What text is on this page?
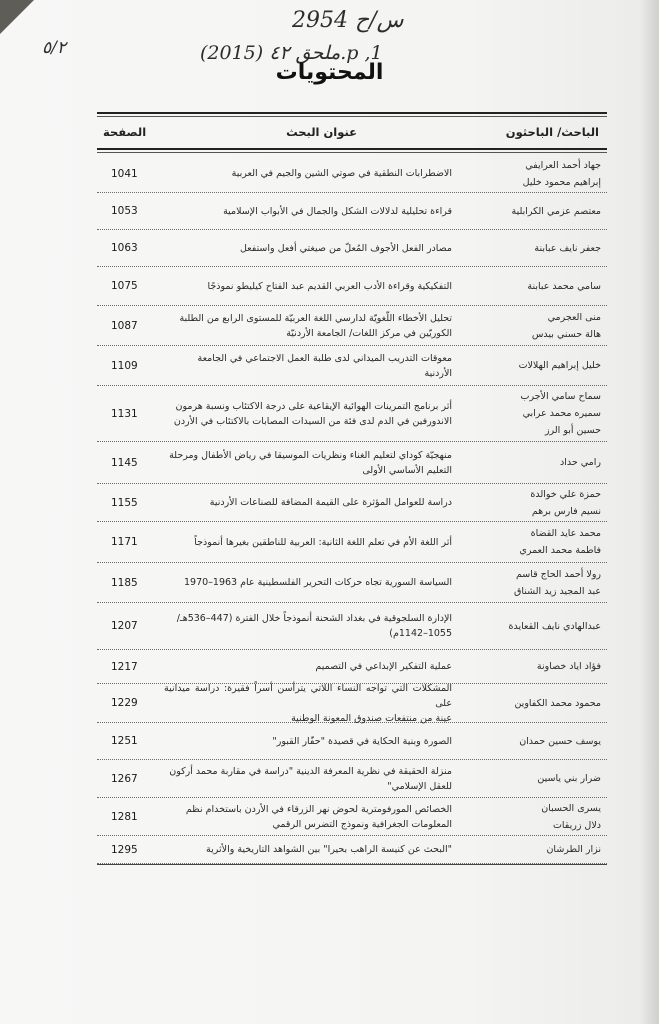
س/ح 2954
٥/٢	(2015) ملحق ٤٢.p ,1
المحتويات
الباحث/ الباحثون
عنوان البحث
الصفحة
جهاد أحمد العرايفي
إبراهيم محمود خليل
الاضطرابات النطقية في صوتي الشين والجيم في العربية
1041
معتصم عزمي الكرابلية
قراءة تحليلية لدلالات الشكل والجمال في الأبواب الإسلامية
1053
جعفر نايف عبابنة
مصادر الفعل الأجوف المُعلّ من صيغتي أفعل واستفعل
1063
سامي محمد عبابنة
التفكيكية وقراءة الأدب العربي القديم عبد الفتاح كيليطو نموذجًا
1075
منى العجرمي
هالة حسني بيدس
تحليل الأخطاء اللّغويّة لدارسي اللغة العربيّة للمستوى الرابع من الطلبة
الكوريّين في مركز اللغات/ الجامعة الأردنيّة
1087
خليل إبراهيم الهلالات
معوقات التدريب الميداني لدى طلبة العمل الاجتماعي في الجامعة
الأردنية
1109
سماح سامي الأجرب
سميره محمد عرابي
حسين أبو الرز
أثر برنامج التمرينات الهوائية الإيقاعية على درجة الاكتئاب ونسبة هرمون
الاندورفين في الدم لدى فئة من السيدات المصابات بالاكتئاب في الأردن
1131
رامي حداد
منهجيّة كوداي لتعليم الغناء ونظريات الموسيقا في رياض الأطفال ومرحلة
التعليم الأساسي الأولى
1145
حمزة علي خوالدة
نسيم فارس برهم
دراسة للعوامل المؤثرة على القيمة المضافة للصناعات الأردنية
1155
محمد عايد القضاة
فاطمة محمد العمري
أثر اللغة الأم في تعلم اللغة الثانية: العربية للناطقين بغيرها أنموذجاً
1171
رولا أحمد الحاج قاسم
عبد المجيد زيد الشناق
السياسة السورية تجاه حركات التحرير الفلسطينية عام 1963–1970
1185
عبدالهادي نايف القعايدة
الإدارة السلجوقية في بغداد الشحنة أنموذجاً خلال الفترة (447–536هـ/
1055–1142م)
1207
فؤاد اياد خصاونة
عملية التفكير الإبداعي في التصميم
1217
محمود محمد الكفاوين
المشكلات التي تواجه النساء اللاتي يترأسن أسراً فقيرة: دراسة ميدانية على
عينة من منتفعات صندوق المعونة الوطنية
1229
يوسف حسين حمدان
الصورة وبنية الحكاية في قصيدة "حفّار القبور"
1251
ضرار بني ياسين
منزلة الحقيقة في نظرية المعرفة الدينية "دراسة في مقاربة محمد أركون
للعقل الإسلامي"
1267
يسرى الحسبان
دلال زريقات
الخصائص المورفومترية لحوض نهر الزرقاء في الأردن باستخدام نظم
المعلومات الجغرافية ونموذج التضرس الرقمي
1281
نزار الطرشان
"البحث عن كنيسة الراهب بحيرا" بين الشواهد التاريخية والأثرية
1295
